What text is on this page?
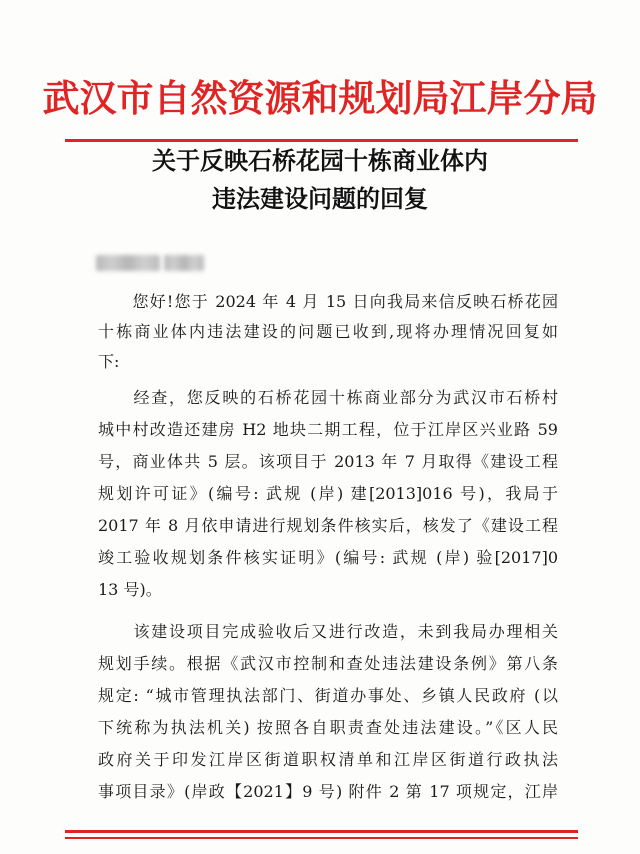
武汉市自然资源和规划局江岸分局
关于反映石桥花园十栋商业体内
违法建设问题的回复
　　您好!您于 2024 年 4 月 15 日向我局来信反映石桥花园
十栋商业体内违法建设的问题已收到,现将办理情况回复如
下:
　　经查，您反映的石桥花园十栋商业部分为武汉市石桥村
城中村改造还建房 H2 地块二期工程，位于江岸区兴业路 59
号，商业体共 5 层。该项目于 2013 年 7 月取得《建设工程
规划许可证》(编号: 武规 (岸) 建[2013]016 号)，我局于
2017 年 8 月依申请进行规划条件核实后，核发了《建设工程
竣工验收规划条件核实证明》(编号: 武规 (岸) 验[2017]0
13 号)。
　　该建设项目完成验收后又进行改造，未到我局办理相关
规划手续。根据《武汉市控制和查处违法建设条例》第八条
规定: “城市管理执法部门、街道办事处、乡镇人民政府 (以
下统称为执法机关) 按照各自职责查处违法建设。”《区人民
政府关于印发江岸区街道职权清单和江岸区街道行政执法
事项目录》(岸政【2021】9 号) 附件 2 第 17 项规定，江岸
